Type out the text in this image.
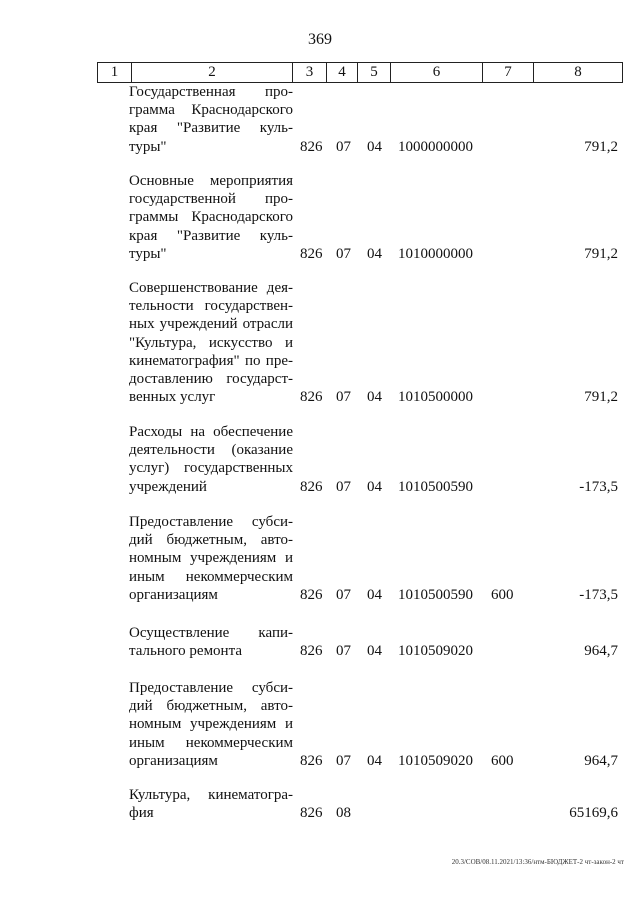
369
1	2	3	4	5	6	7	8
Государственная про-
грамма Краснодарского
края "Развитие куль-
туры"	826 07 04 1000000000	791,2
Основные мероприятия
государственной про-
граммы Краснодарского
края "Развитие куль-
туры"	826 07 04 1010000000	791,2
Совершенствование дея-
тельности государствен-
ных учреждений отрасли
"Культура, искусство и
кинематография" по пре-
доставлению государст-
венных услуг	826 07 04 1010500000	791,2
Расходы на обеспечение
деятельности (оказание
услуг) государственных
учреждений	826 07 04 1010500590	-173,5
Предоставление субси-
дий бюджетным, авто-
номным учреждениям и
иным некоммерческим
организациям	826 07 04 1010500590 600	-173,5
Осуществление капи-
тального ремонта	826 07 04 1010509020	964,7
Предоставление субси-
дий бюджетным, авто-
номным учреждениям и
иным некоммерческим
организациям	826 07 04 1010509020 600	964,7
Культура, кинематогра-
фия	826 08	65169,6
20.3/СОВ/08.11.2021/13:36/нтм-БЮДЖЕТ-2 чт-закон-2 чт
